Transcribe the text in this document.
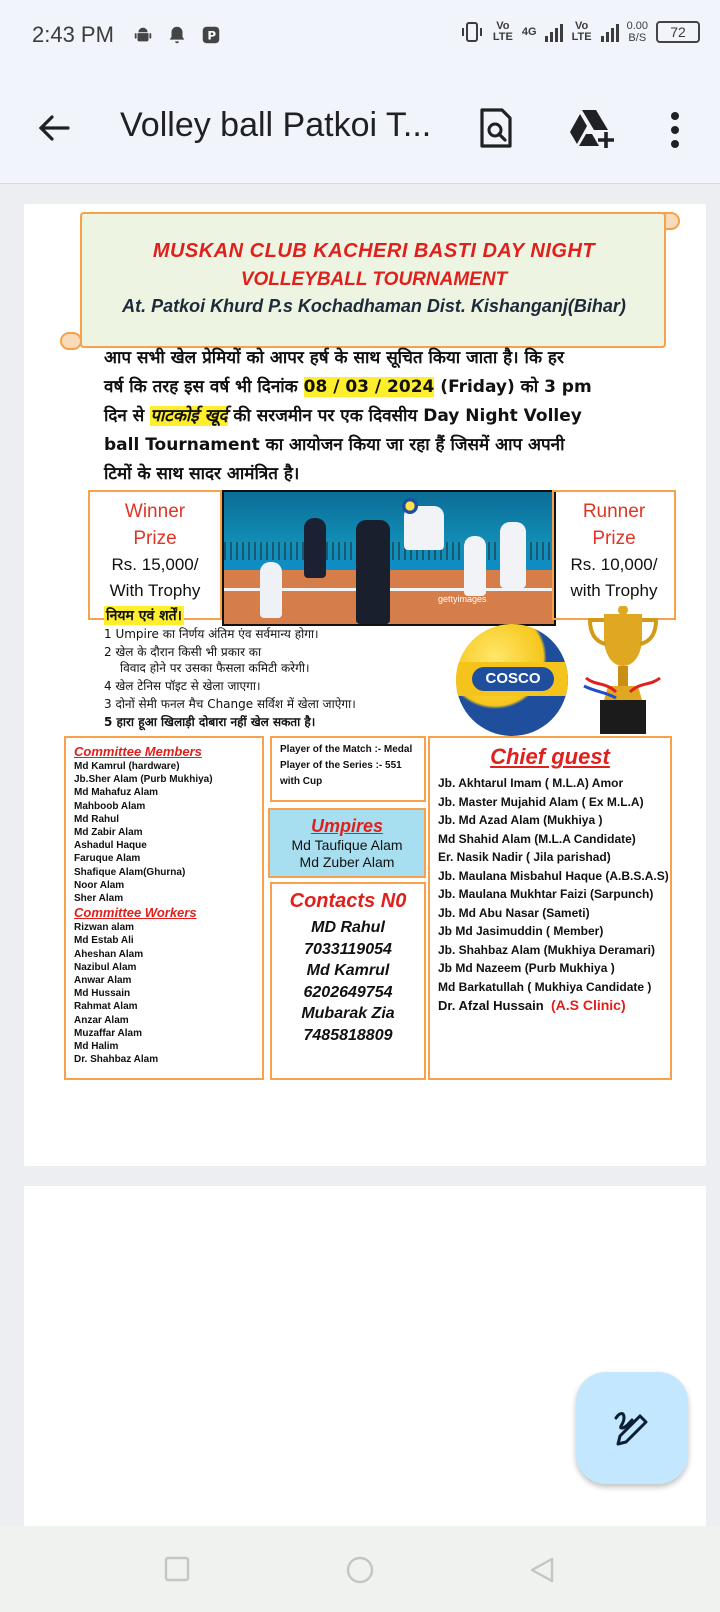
2:43 PM	P
Vo LTE 4G	Vo LTE
0.00
B/S	72
Volley ball Patkoi T...
MUSKAN CLUB KACHERI BASTI DAY NIGHT
VOLLEYBALL TOURNAMENT
At. Patkoi Khurd P.s Kochadhaman Dist. Kishanganj(Bihar)
आप सभी खेल प्रेमियों को आपर हर्ष के साथ सूचित किया जाता है। कि हर
वर्ष कि तरह इस वर्ष भी दिनांक 08 / 03 / 2024 (Friday) को 3 pm
दिन से पाटकोई खूर्द की सरजमीन पर एक दिवसीय Day Night Volley
ball Tournament का आयोजन किया जा रहा हैं जिसमें आप अपनी
टिमों के साथ सादर आमंत्रित है।
Winner
Prize
Rs. 15,000/
With Trophy	gettyimages
Runner
Prize
Rs. 10,000/
with Trophy
नियम एवं शर्तें।
1 Umpire का निर्णय अंतिम एंव सर्वमान्य होगा।
2 खेल के दौरान किसी भी प्रकार का
विवाद होने पर उसका फैसला कमिटी करेगी।
4 खेल टेनिस पॉइट से खेला जाएगा।
3 दोनों सेमी फनल मैच Change सर्विश में खेला जाऐगा।
5 हारा हूआ खिलाड़ी दोबारा नहीं खेल सकता है।
COSCO
Committee Members
Md Kamrul (hardware)
Jb.Sher Alam (Purb Mukhiya)
Md Mahafuz Alam
Mahboob Alam
Md Rahul
Md Zabir Alam
Ashadul Haque
Faruque Alam
Shafique Alam(Ghurna)
Noor Alam
Sher Alam
Committee Workers
Rizwan alam
Md Estab Ali
Aheshan Alam
Nazibul Alam
Anwar Alam
Md Hussain
Rahmat Alam
Anzar Alam
Muzaffar Alam
Md Halim
Dr. Shahbaz Alam
Player of the Match :- Medal
Player of the Series :- 551
with Cup
Umpires
Md Taufique Alam
Md Zuber Alam
Contacts N0
MD Rahul
7033119054
Md Kamrul
6202649754
Mubarak Zia
7485818809
Chief guest
Jb. Akhtarul Imam ( M.L.A) Amor
Jb. Master Mujahid Alam ( Ex M.L.A)
Jb. Md Azad Alam (Mukhiya )
Md Shahid Alam (M.L.A Candidate)
Er. Nasik Nadir ( Jila parishad)
Jb. Maulana Misbahul Haque (A.B.S.A.S)
Jb. Maulana Mukhtar Faizi (Sarpunch)
Jb. Md Abu Nasar (Sameti)
Jb Md Jasimuddin ( Member)
Jb. Shahbaz Alam (Mukhiya Deramari)
Jb Md Nazeem (Purb Mukhiya )
Md Barkatullah ( Mukhiya Candidate )
Dr. Afzal Hussain (A.S Clinic)
